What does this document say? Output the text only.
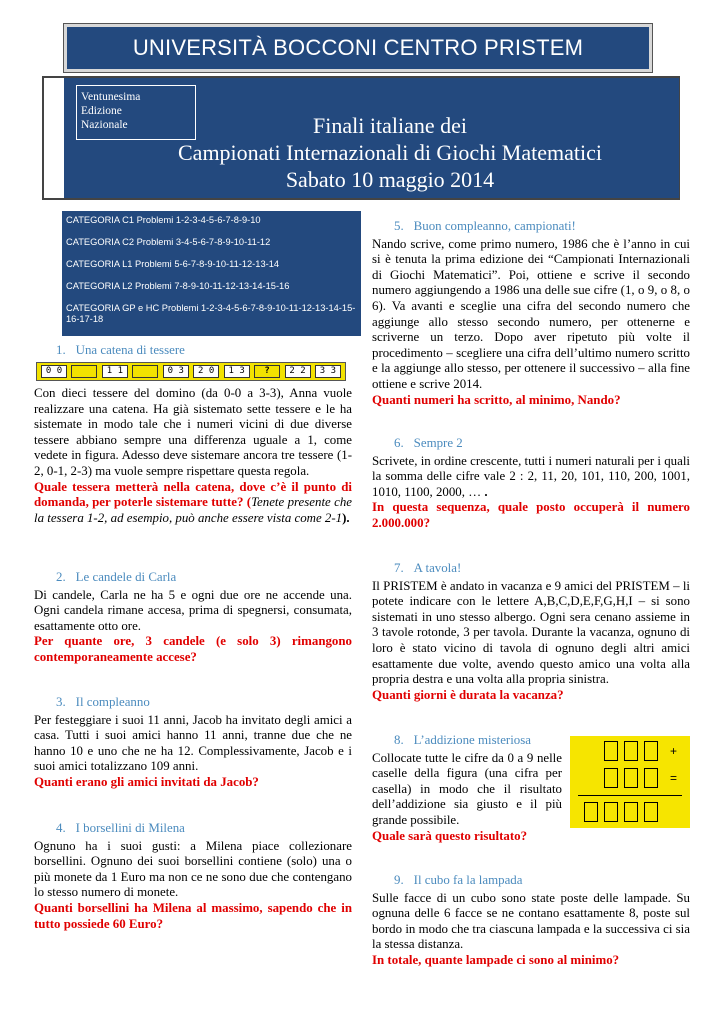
UNIVERSITÀ BOCCONI CENTRO PRISTEM
Ventunesima
Edizione
Nazionale	Finali italiane dei
Campionati Internazionali di Giochi Matematici
Sabato 10 maggio 2014
CATEGORIA C1 Problemi 1-2-3-4-5-6-7-8-9-10
CATEGORIA C2 Problemi 3-4-5-6-7-8-9-10-11-12
CATEGORIA L1 Problemi 5-6-7-8-9-10-11-12-13-14
CATEGORIA L2 Problemi 7-8-9-10-11-12-13-14-15-16
CATEGORIA GP e HC Problemi 1-2-3-4-5-6-7-8-9-10-11-12-13-14-15-16-17-18
1. Una catena di tessere
0 0	1 1	0 3	2 0	1 3	?	2 2	3 3
Con dieci tessere del domino (da 0-0 a 3-3), Anna vuole realizzare una catena. Ha già sistemato sette tessere e le ha sistemate in modo tale che i numeri vicini di due diverse tessere abbiano sempre una differenza uguale a 1, come vedete in figura. Adesso deve sistemare ancora tre tessere (1-2, 0-1, 2-3) ma vuole sempre rispettare questa regola.
Quale tessera metterà nella catena, dove c’è il punto di domanda, per poterle sistemare tutte? (Tenete presente che la tessera 1-2, ad esempio, può anche essere vista come 2-1).
2. Le candele di Carla
Di candele, Carla ne ha 5 e ogni due ore ne accende una. Ogni candela rimane accesa, prima di spegnersi, consumata, esattamente otto ore.
Per quante ore, 3 candele (e solo 3) rimangono contemporaneamente accese?
3. Il compleanno
Per festeggiare i suoi 11 anni, Jacob ha invitato degli amici a casa. Tutti i suoi amici hanno 11 anni, tranne due che ne hanno 10 e uno che ne ha 12. Complessivamente, Jacob e i suoi amici totalizzano 109 anni.
Quanti erano gli amici invitati da Jacob?
4. I borsellini di Milena
Ognuno ha i suoi gusti: a Milena piace collezionare borsellini. Ognuno dei suoi borsellini contiene (solo) una o più monete da 1 Euro ma non ce ne sono due che contengano lo stesso numero di monete.
Quanti borsellini ha Milena al massimo, sapendo che in tutto possiede 60 Euro?
5. Buon compleanno, campionati!
Nando scrive, come primo numero, 1986 che è l’anno in cui si è tenuta la prima edizione dei “Campionati Internazionali di Giochi Matematici”. Poi, ottiene e scrive il secondo numero aggiungendo a 1986 una delle sue cifre (1, o 9, o 8, o 6). Va avanti e sceglie una cifra del secondo numero che aggiunge allo stesso secondo numero, per ottenerne e scriverne un terzo. Dopo aver ripetuto più volte il procedimento – scegliere una cifra dell’ultimo numero scritto e la aggiunge allo stesso, per ottenere il successivo – alla fine ottiene e scrive 2014.
Quanti numeri ha scritto, al minimo, Nando?
6. Sempre 2
Scrivete, in ordine crescente, tutti i numeri naturali per i quali la somma delle cifre vale 2 : 2, 11, 20, 101, 110, 200, 1001, 1010, 1100, 2000, … .
In questa sequenza, quale posto occuperà il numero 2.000.000?
7. A tavola!
Il PRISTEM è andato in vacanza e 9 amici del PRISTEM – li potete indicare con le lettere A,B,C,D,E,F,G,H,I – si sono sistemati in uno stesso albergo. Ogni sera cenano assieme in 3 tavole rotonde, 3 per tavola. Durante la vacanza, ognuno di loro è stato vicino di tavola di ognuno degli altri amici esattamente due volte, avendo questo amico una volta alla propria destra e una volta alla propria sinistra.
Quanti giorni è durata la vacanza?
8. L’addizione misteriosa
Collocate tutte le cifre da 0 a 9 nelle caselle della figura (una cifra per casella) in modo che il risultato dell’addizione sia giusto e il più grande possibile.
Quale sarà questo risultato?
+
=
9. Il cubo fa la lampada
Sulle facce di un cubo sono state poste delle lampade. Su ognuna delle 6 facce se ne contano esattamente 8, poste sul bordo in modo che tra ciascuna lampada e la successiva ci sia la stessa distanza.
In totale, quante lampade ci sono al minimo?
